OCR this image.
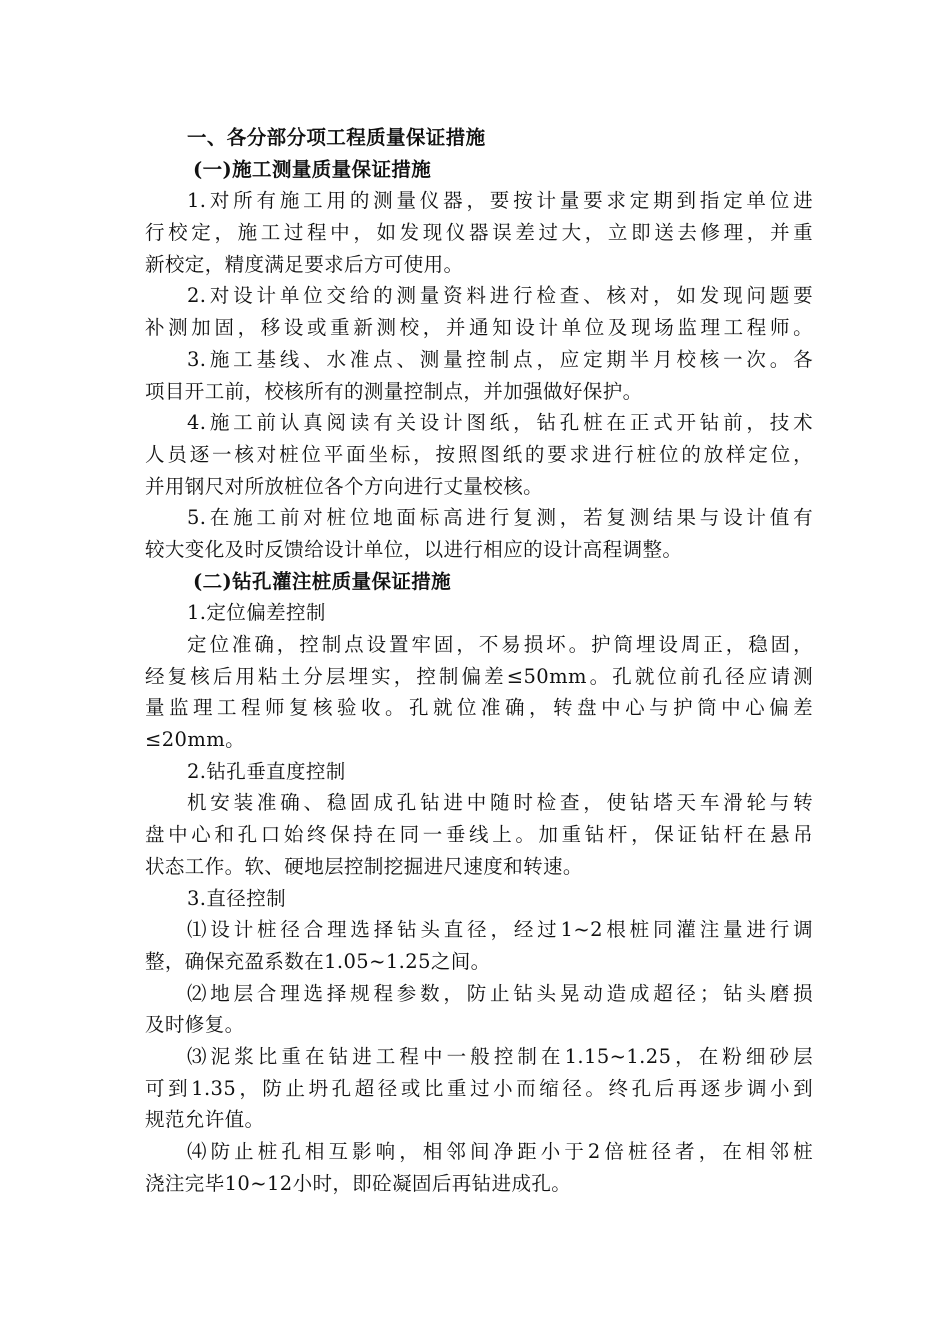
一、各分部分项工程质量保证措施
(一)施工测量质量保证措施
1.对所有施工用的测量仪器，要按计量要求定期到指定单位进
行校定，施工过程中，如发现仪器误差过大，立即送去修理，并重
新校定，精度满足要求后方可使用。
2.对设计单位交给的测量资料进行检查、核对，如发现问题要
补测加固，移设或重新测校，并通知设计单位及现场监理工程师。
3.施工基线、水准点、测量控制点，应定期半月校核一次。各
项目开工前，校核所有的测量控制点，并加强做好保护。
4.施工前认真阅读有关设计图纸，钻孔桩在正式开钻前，技术
人员逐一核对桩位平面坐标，按照图纸的要求进行桩位的放样定位，
并用钢尺对所放桩位各个方向进行丈量校核。
5.在施工前对桩位地面标高进行复测，若复测结果与设计值有
较大变化及时反馈给设计单位，以进行相应的设计高程调整。
(二)钻孔灌注桩质量保证措施
1.定位偏差控制
定位准确，控制点设置牢固，不易损坏。护筒埋设周正，稳固，
经复核后用粘土分层埋实，控制偏差≤50mm。孔就位前孔径应请测
量监理工程师复核验收。孔就位准确，转盘中心与护筒中心偏差
≤20mm。
2.钻孔垂直度控制
机安装准确、稳固成孔钻进中随时检查，使钻塔天车滑轮与转
盘中心和孔口始终保持在同一垂线上。加重钻杆，保证钻杆在悬吊
状态工作。软、硬地层控制挖掘进尺速度和转速。
3.直径控制
⑴设计桩径合理选择钻头直径，经过1~2根桩同灌注量进行调
整，确保充盈系数在1.05~1.25之间。
⑵地层合理选择规程参数，防止钻头晃动造成超径；钻头磨损
及时修复。
⑶泥浆比重在钻进工程中一般控制在1.15~1.25，在粉细砂层
可到1.35，防止坍孔超径或比重过小而缩径。终孔后再逐步调小到
规范允许值。
⑷防止桩孔相互影响，相邻间净距小于2倍桩径者，在相邻桩
浇注完毕10~12小时，即砼凝固后再钻进成孔。
